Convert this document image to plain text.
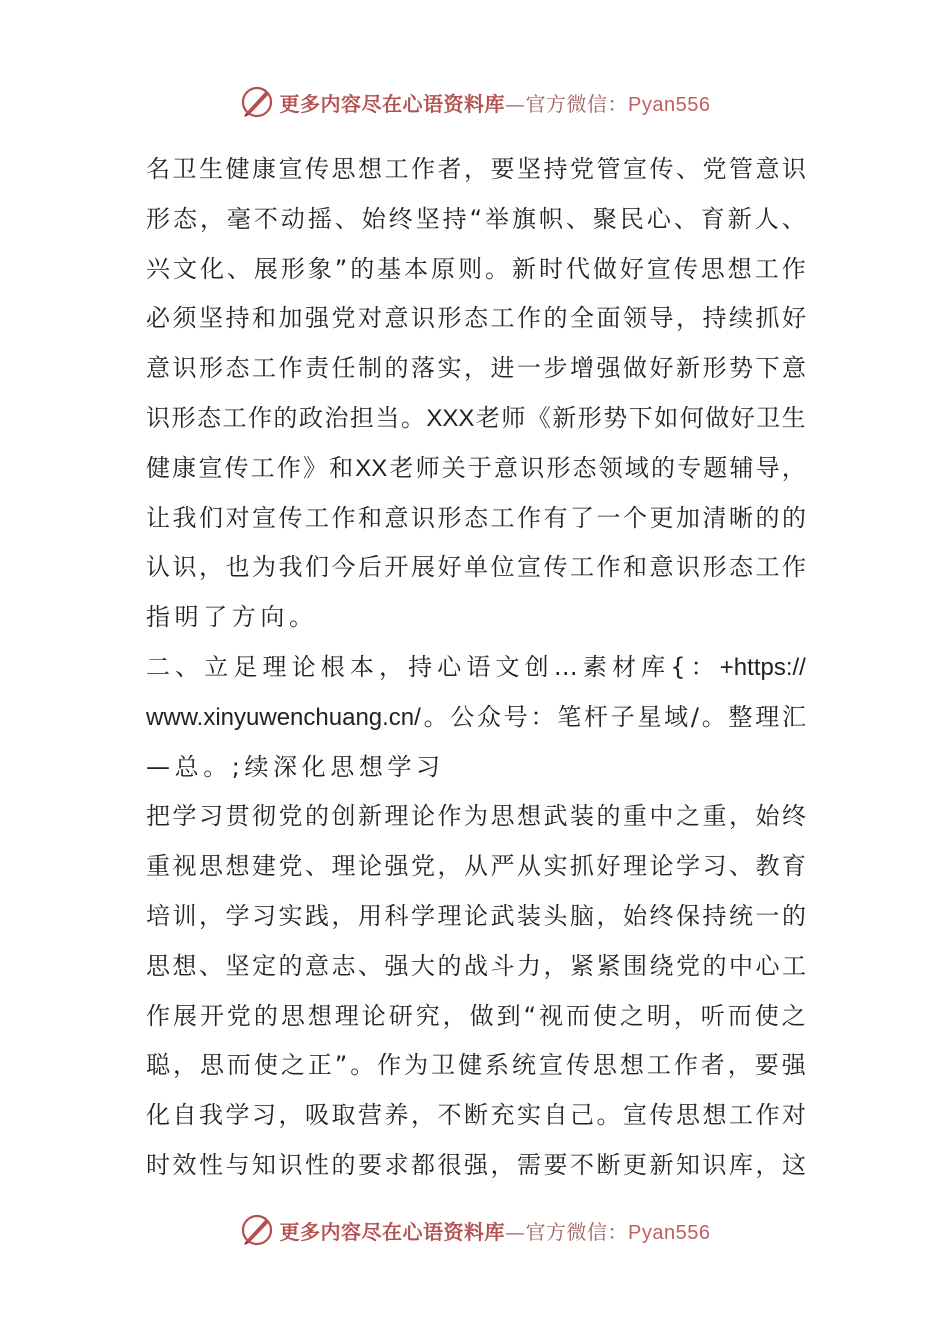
更多内容尽在心语资料库—官方微信：Pyan556
名 卫 生 健 康 宣 传 思 想 工 作 者 ， 要 坚 持 党 管 宣 传 、 党 管 意 识
形 态 ， 毫 不 动 摇 、 始 终 坚 持 “ 举 旗 帜 、 聚 民 心 、 育 新 人 、
兴 文 化 、 展 形 象 ” 的 基 本 原 则 。 新 时 代 做 好 宣 传 思 想 工 作
必 须 坚 持 和 加 强 党 对 意 识 形 态 工 作 的 全 面 领 导 ， 持 续 抓 好
意 识 形 态 工 作 责 任 制 的 落 实 ， 进 一 步 增 强 做 好 新 形 势 下 意
识 形 态 工 作 的 政 治 担 当 。 XXX 老 师 《 新 形 势 下 如 何 做 好 卫 生
健 康 宣 传 工 作 》 和 XX 老 师 关 于 意 识 形 态 领 域 的 专 题 辅 导 ，
让 我 们 对 宣 传 工 作 和 意 识 形 态 工 作 有 了 一 个 更 加 清 晰 的 的
认 识 ， 也 为 我 们 今 后 开 展 好 单 位 宣 传 工 作 和 意 识 形 态 工 作
指 明 了 方 向 。
二 、 立 足 理 论 根 本 ， 持 心 语 文 创 … 素 材 库 { ： +https://
www.xinyuwenchuang.cn/ 。 公 众 号 ： 笔 杆 子 星 域 / 。 整 理 汇
— 总 。 ; 续 深 化 思 想 学 习
把 学 习 贯 彻 党 的 创 新 理 论 作 为 思 想 武 装 的 重 中 之 重 ， 始 终
重 视 思 想 建 党 、 理 论 强 党 ， 从 严 从 实 抓 好 理 论 学 习 、 教 育
培 训 ， 学 习 实 践 ， 用 科 学 理 论 武 装 头 脑 ， 始 终 保 持 统 一 的
思 想 、 坚 定 的 意 志 、 强 大 的 战 斗 力 ， 紧 紧 围 绕 党 的 中 心 工
作 展 开 党 的 思 想 理 论 研 究 ， 做 到 “ 视 而 使 之 明 ， 听 而 使 之
聪 ， 思 而 使 之 正 ” 。 作 为 卫 健 系 统 宣 传 思 想 工 作 者 ， 要 强
化 自 我 学 习 ， 吸 取 营 养 ， 不 断 充 实 自 己 。 宣 传 思 想 工 作 对
时 效 性 与 知 识 性 的 要 求 都 很 强 ， 需 要 不 断 更 新 知 识 库 ， 这
更多内容尽在心语资料库—官方微信：Pyan556
